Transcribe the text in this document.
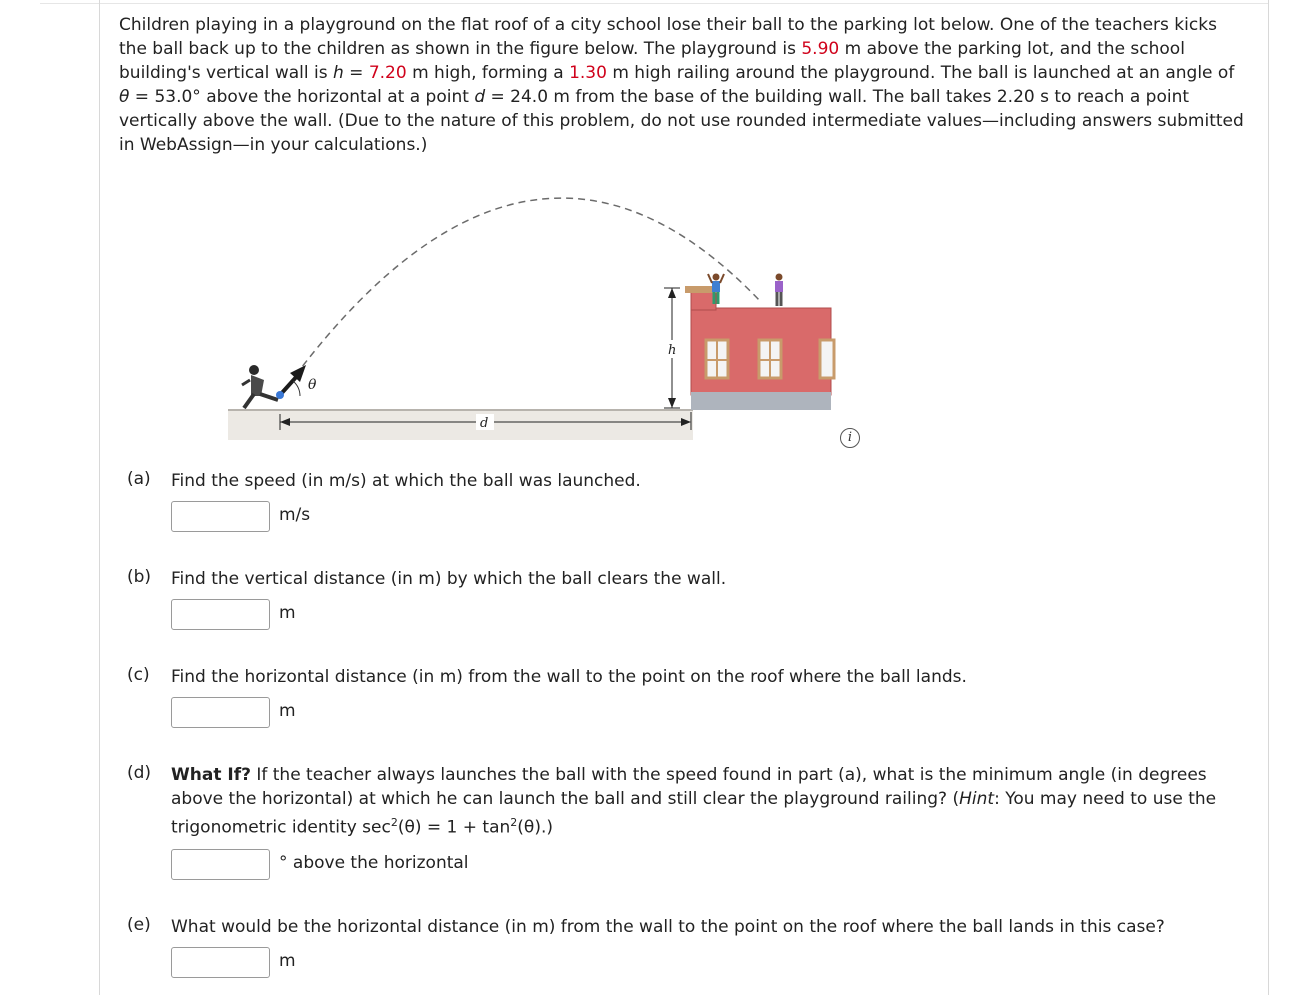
Children playing in a playground on the flat roof of a city school lose their ball to the parking lot below. One of the teachers kicks the ball back up to the children as shown in the figure below. The playground is 5.90 m above the parking lot, and the school building's vertical wall is h = 7.20 m high, forming a 1.30 m high railing around the playground. The ball is launched at an angle of θ = 53.0° above the horizontal at a point d = 24.0 m from the base of the building wall. The ball takes 2.20 s to reach a point vertically above the wall. (Due to the nature of this problem, do not use rounded intermediate values—including answers submitted in WebAssign—in your calculations.)
θ
h
d
i
(a) Find the speed (in m/s) at which the ball was launched.
m/s
(b) Find the vertical distance (in m) by which the ball clears the wall.
m
(c) Find the horizontal distance (in m) from the wall to the point on the roof where the ball lands.
m
(d) What If? If the teacher always launches the ball with the speed found in part (a), what is the minimum angle (in degrees above the horizontal) at which he can launch the ball and still clear the playground railing? (Hint: You may need to use the trigonometric identity $\sec^2(\theta) = 1 + \tan^2(\theta)$.)
° above the horizontal
(e) What would be the horizontal distance (in m) from the wall to the point on the roof where the ball lands in this case?
m
